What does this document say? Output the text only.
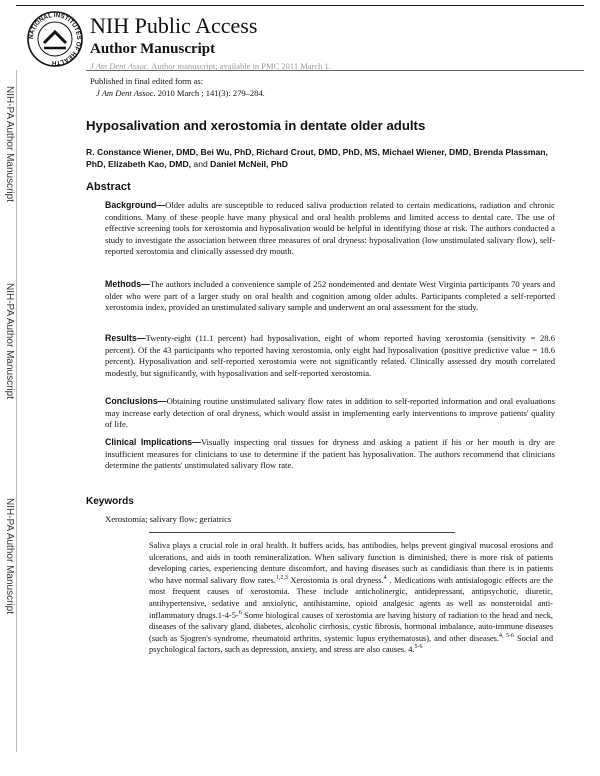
NATIONAL INSTITUTES OF HEALTH
NIH Public Access
Author Manuscript
J Am Dent Assoc. Author manuscript; available in PMC 2011 March 1.
Published in final edited form as:
J Am Dent Assoc. 2010 March ; 141(3): 279–284.
NIH-PA Author Manuscript
NIH-PA Author Manuscript
NIH-PA Author Manuscript
Hyposalivation and xerostomia in dentate older adults
R. Constance Wiener, DMD, Bei Wu, PhD, Richard Crout, DMD, PhD, MS, Michael Wiener, DMD, Brenda Plassman, PhD, Elizabeth Kao, DMD, and Daniel McNeil, PhD
Abstract
Background—Older adults are susceptible to reduced saliva production related to certain medications, radiation and chronic conditions. Many of these people have many physical and oral health problems and limited access to dental care. The use of effective screening tools for xerostomia and hyposalivation would be helpful in identifying those at risk. The authors conducted a study to investigate the association between three measures of oral dryness: hyposalivation (low unstimulated salivary flow), self-reported xerostomia and clinically assessed dry mouth.
Methods—The authors included a convenience sample of 252 nondemented and dentate West Virginia participants 70 years and older who were part of a larger study on oral health and cognition among older adults. Participants completed a self-reported xerostomia index, provided an unstimulated salivary sample and underwent an oral assessment for the study.
Results—Twenty-eight (11.1 percent) had hyposalivation, eight of whom reported having xerostomia (sensitivity = 28.6 percent). Of the 43 participants who reported having xerostomia, only eight had hyposalivation (positive predictive value = 18.6 percent). Hyposalivation and self-reported xerostomia were not significantly related. Clinically assessed dry mouth correlated modestly, but significantly, with hyposalivation and self-reported xerostomia.
Conclusions—Obtaining routine unstimulated salivary flow rates in addition to self-reported information and oral evaluations may increase early detection of oral dryness, which would assist in implementing early interventions to improve patients' quality of life.
Clinical Implications—Visually inspecting oral tissues for dryness and asking a patient if his or her mouth is dry are insufficient measures for clinicians to use to determine if the patient has hyposalivation. The authors recommend that clinicians determine the patients' unstimulated salivary flow rate.
Keywords
Xerostomia; salivary flow; geriatrics
Saliva plays a crucial role in oral health. It buffers acids, has antibodies, helps prevent gingival mucosal erosions and ulcerations, and aids in tooth remineralization. When salivary function is diminished, there is more risk of patients developing caries, experiencing denture discomfort, and having diseases such as candidiasis than there is in patients who have normal salivary flow rates.$^{1,2,3}$ Xerostomia is oral dryness.$^4$ . Medications with antisialogogic effects are the most frequent causes of xerostomia. These include anticholinergic, antidepressant, antipsychotic, diuretic, antihypertensive, sedative and anxiolytic, antihistamine, opioid analgesic agents as well as nonsteroidal anti-inflammatory drugs.1-4-5-$^6$ Some biological causes of xerostomia are having history of radiation to the head and neck, diseases of the salivary gland, diabetes, alcoholic cirrhosis, cystic fibrosis, hormonal imbalance, auto-immune diseases (such as Sjogren's syndrome, rheumatoid arthritis, systemic lupus erythematosus), and other diseases.$^{4, 5-6}$ Social and psychological factors, such as depression, anxiety, and stress are also causes. 4.$^{5-6}$
